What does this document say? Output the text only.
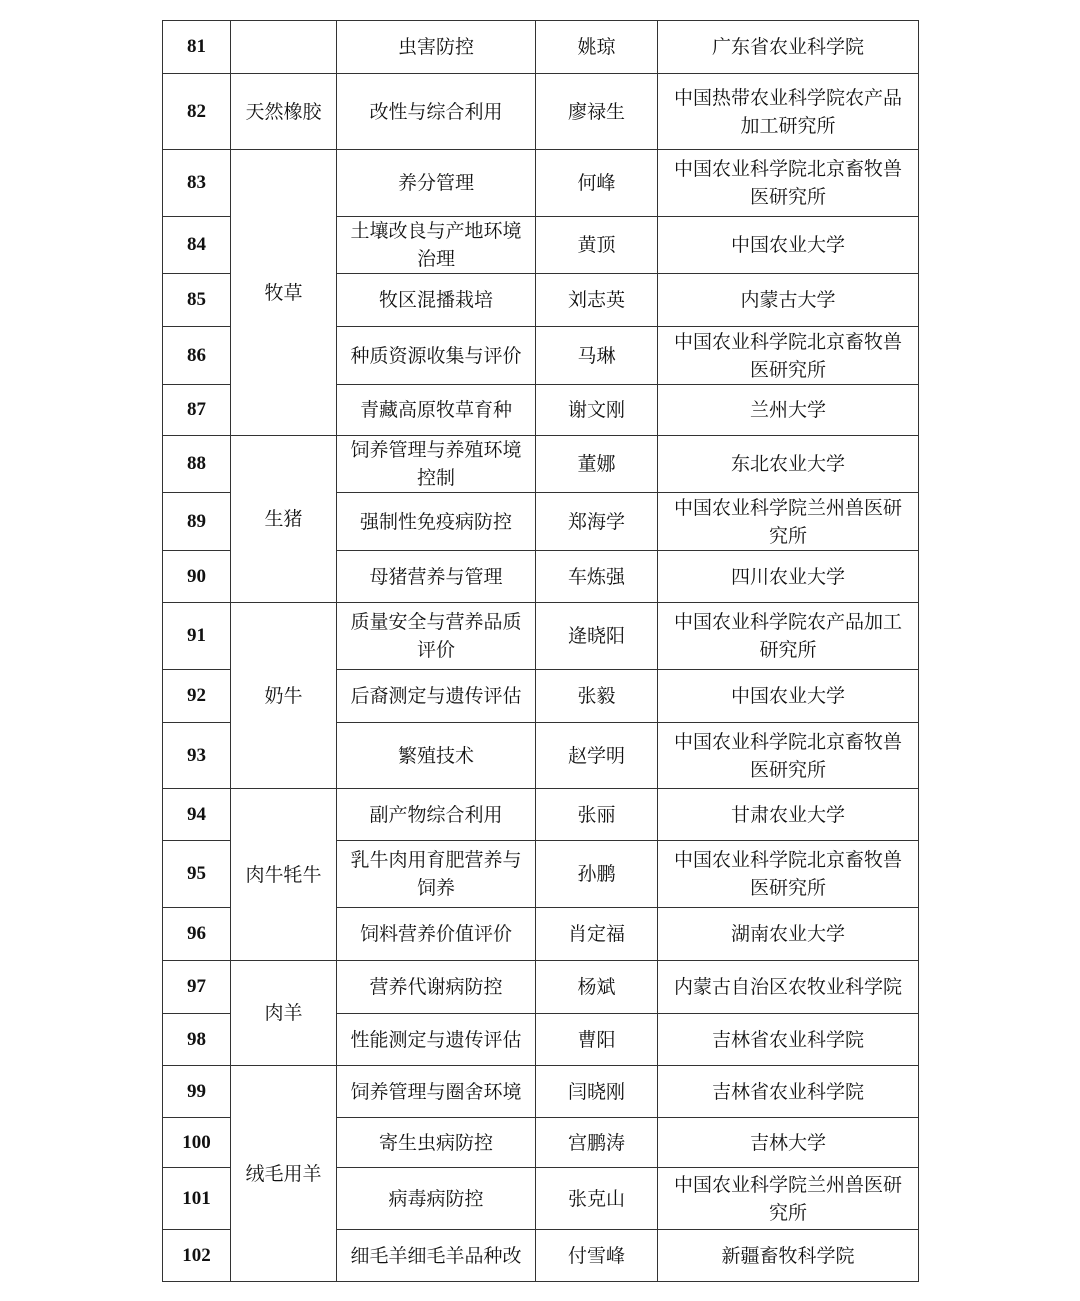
81		虫害防控	姚琼	广东省农业科学院
82	天然橡胶	改性与综合利用	廖禄生	中国热带农业科学院农产品
加工研究所
83	牧草	养分管理	何峰	中国农业科学院北京畜牧兽
医研究所
84		土壤改良与产地环境
治理	黄顶	中国农业大学
85		牧区混播栽培	刘志英	内蒙古大学
86		种质资源收集与评价	马琳	中国农业科学院北京畜牧兽
医研究所
87		青藏高原牧草育种	谢文刚	兰州大学
88	生猪	饲养管理与养殖环境
控制	董娜	东北农业大学
89		强制性免疫病防控	郑海学	中国农业科学院兰州兽医研
究所
90		母猪营养与管理	车炼强	四川农业大学
91	奶牛	质量安全与营养品质
评价	逄晓阳	中国农业科学院农产品加工
研究所
92		后裔测定与遗传评估	张毅	中国农业大学
93		繁殖技术	赵学明	中国农业科学院北京畜牧兽
医研究所
94	肉牛牦牛	副产物综合利用	张丽	甘肃农业大学
95		乳牛肉用育肥营养与
饲养	孙鹏	中国农业科学院北京畜牧兽
医研究所
96		饲料营养价值评价	肖定福	湖南农业大学
97	肉羊	营养代谢病防控	杨斌	内蒙古自治区农牧业科学院
98		性能测定与遗传评估	曹阳	吉林省农业科学院
99	绒毛用羊	饲养管理与圈舍环境	闫晓刚	吉林省农业科学院
100		寄生虫病防控	宫鹏涛	吉林大学
101		病毒病防控	张克山	中国农业科学院兰州兽医研
究所
102		细毛羊细毛羊品种改	付雪峰	新疆畜牧科学院
